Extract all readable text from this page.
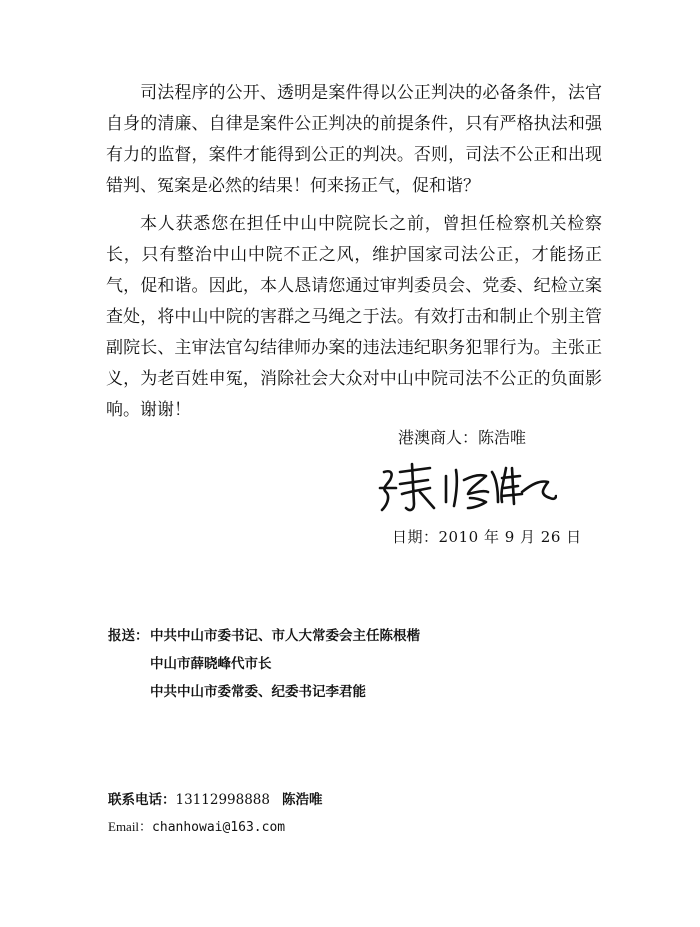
司法程序的公开、透明是案件得以公正判决的必备条件，法官自身的清廉、自律是案件公正判决的前提条件，只有严格执法和强有力的监督，案件才能得到公正的判决。否则，司法不公正和出现错判、冤案是必然的结果！何来扬正气，促和谐？

本人获悉您在担任中山中院院长之前，曾担任检察机关检察长，只有整治中山中院不正之风，维护国家司法公正，才能扬正气，促和谐。因此，本人恳请您通过审判委员会、党委、纪检立案查处，将中山中院的害群之马绳之于法。有效打击和制止个别主管副院长、主审法官勾结律师办案的违法违纪职务犯罪行为。主张正义，为老百姓申冤，消除社会大众对中山中院司法不公正的负面影响。谢谢！

港澳商人：陈浩唯
日期：2010 年 9 月 26 日
报送： 中共中山市委书记、市人大常委会主任陈根楷
中山市薛晓峰代市长
中共中山市委常委、纪委书记李君能
联系电话：13112998888 陈浩唯
Email：chanhowai@163.com
